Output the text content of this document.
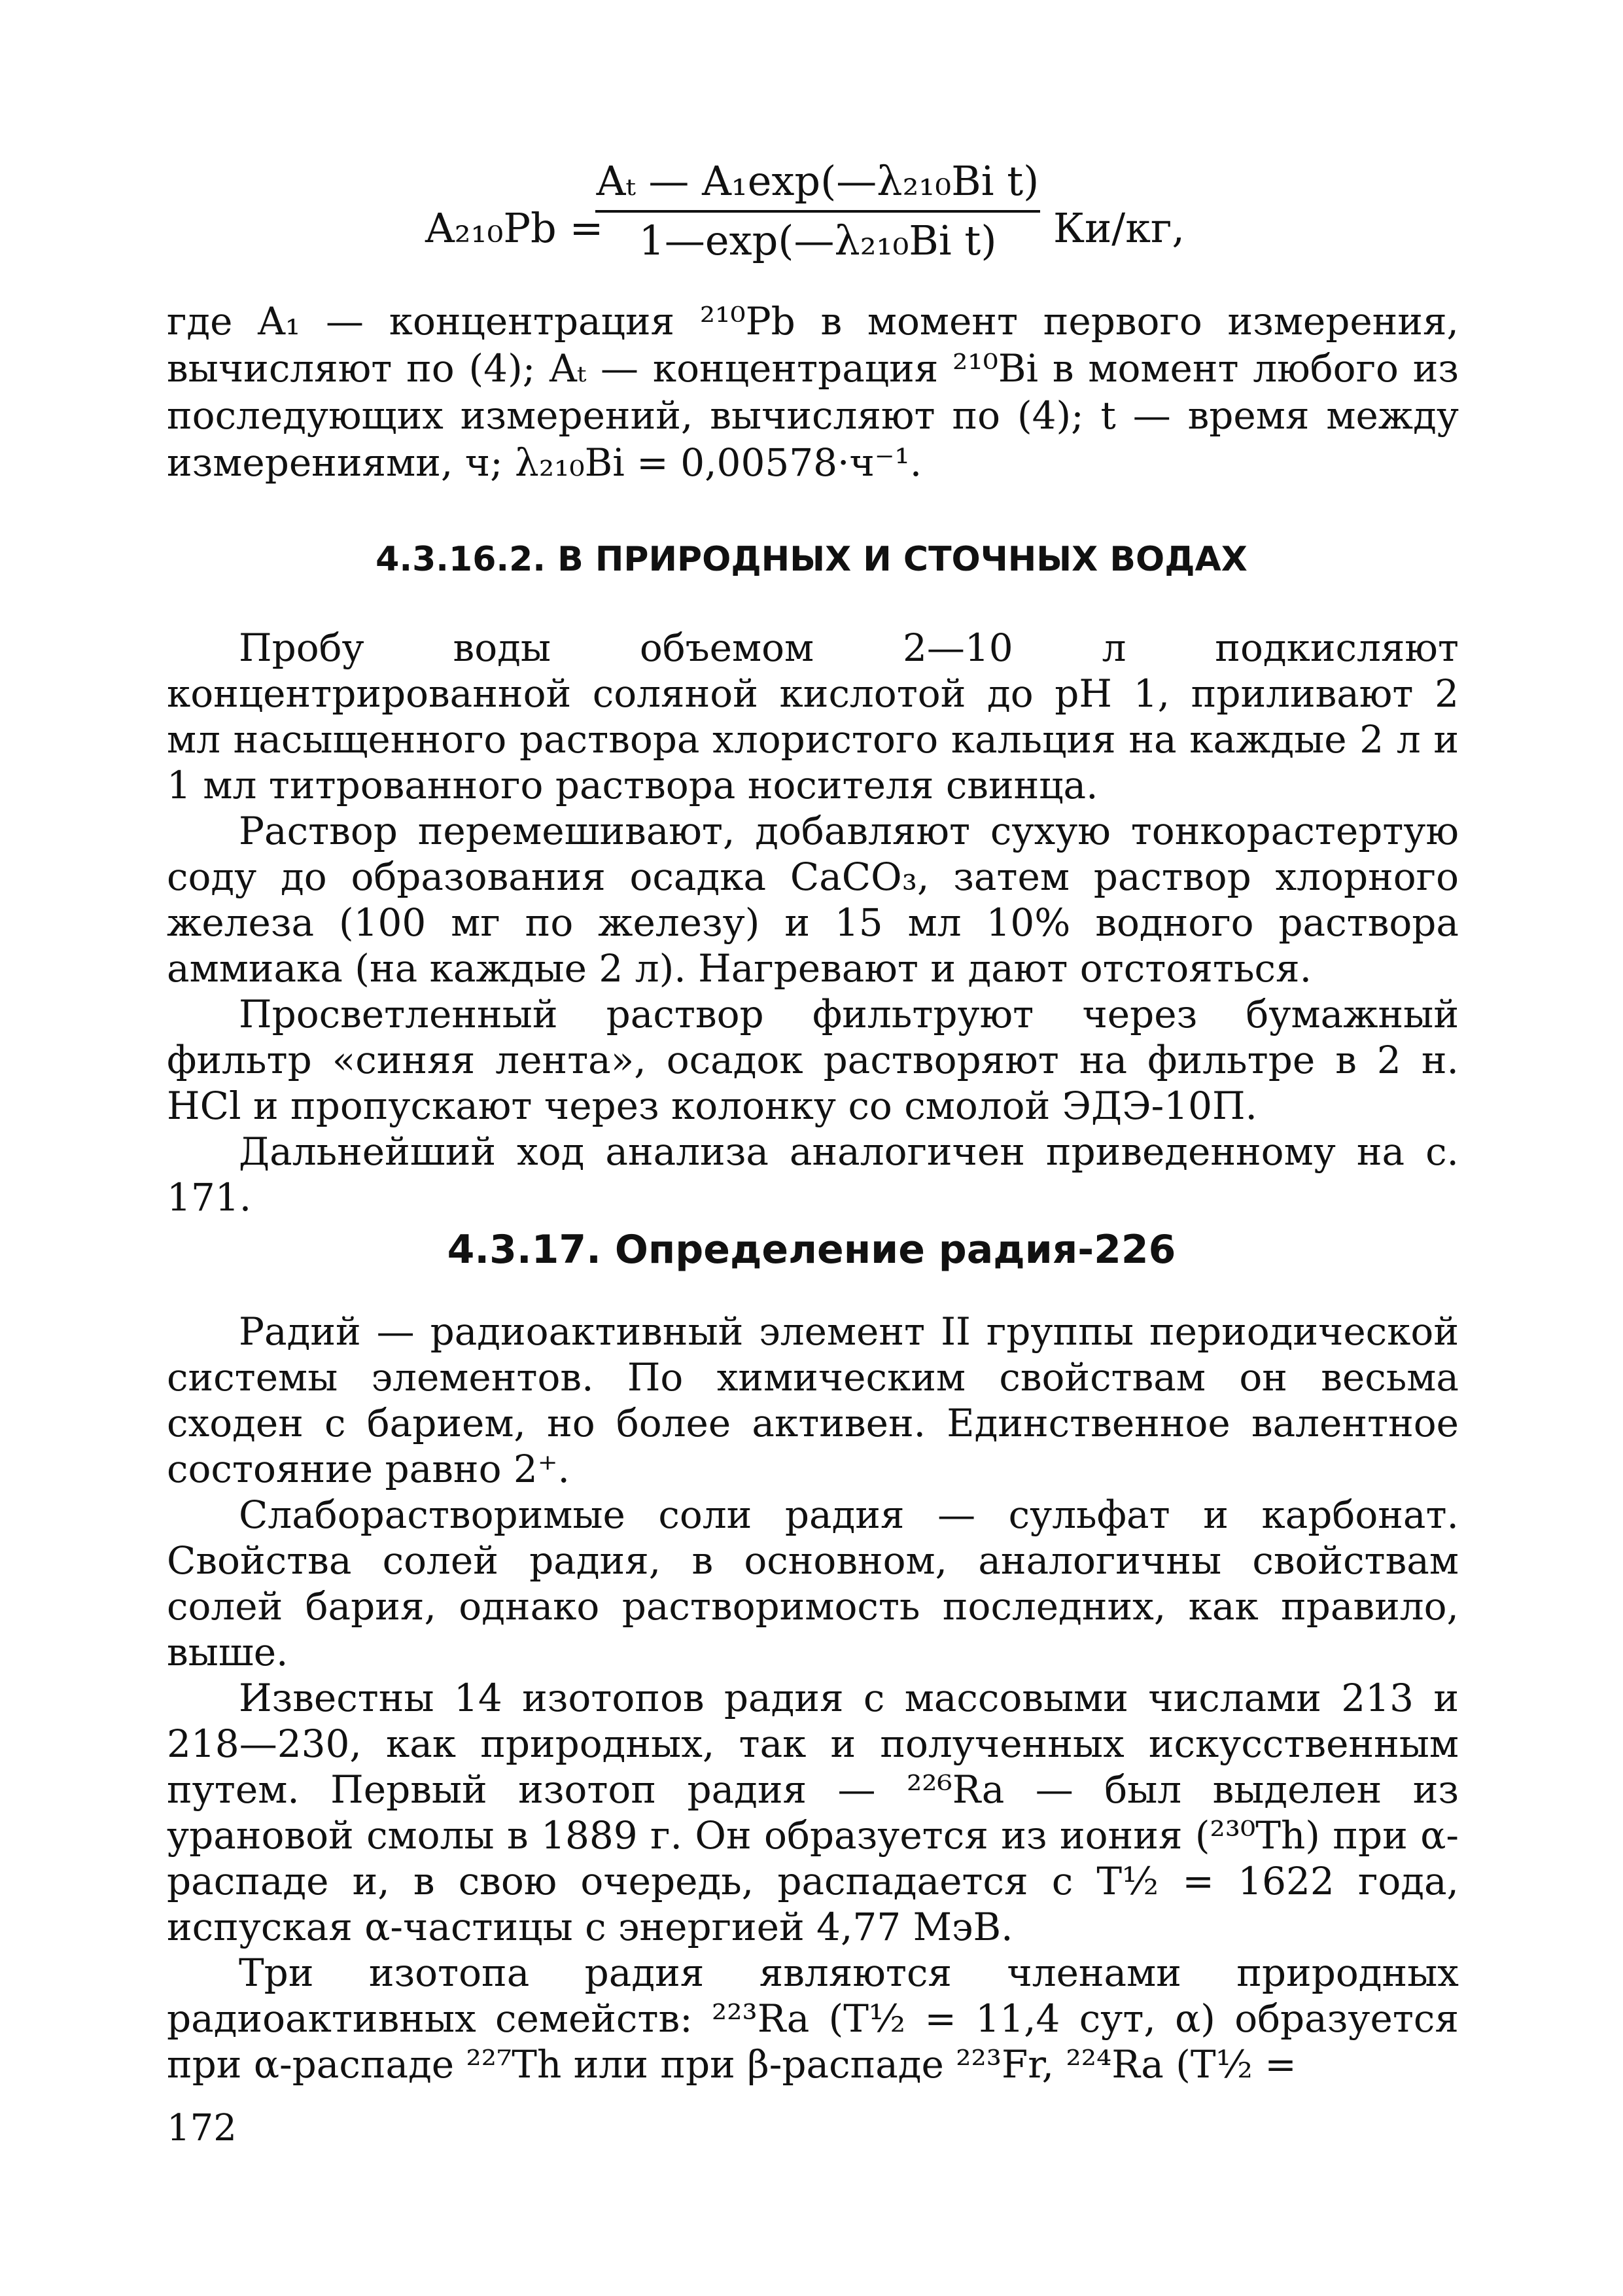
A₂₁₀Pb =
Aₜ — A₁exp(—λ₂₁₀Bi t)
1—exp(—λ₂₁₀Bi t)	Ки/кг,
где A₁ — концентрация ²¹⁰Pb в момент первого измерения, вычисляют по (4); Aₜ — концентрация ²¹⁰Bi в момент любого из последующих измерений, вычисляют по (4); t — время между измерениями, ч; λ₂₁₀Bi = 0,00578·ч⁻¹.
4.3.16.2. В ПРИРОДНЫХ И СТОЧНЫХ ВОДАХ

Пробу воды объемом 2—10 л подкисляют концентрированной соляной кислотой до pH 1, приливают 2 мл насыщенного раствора хлористого кальция на каждые 2 л и 1 мл титрованного раствора носителя свинца.

Раствор перемешивают, добавляют сухую тонкорастертую соду до образования осадка CaCO₃, затем раствор хлорного железа (100 мг по железу) и 15 мл 10% водного раствора аммиака (на каждые 2 л). Нагревают и дают отстояться.

Просветленный раствор фильтруют через бумажный фильтр «синяя лента», осадок растворяют на фильтре в 2 н. HCl и пропускают через колонку со смолой ЭДЭ-10П.

Дальнейший ход анализа аналогичен приведенному на с. 171.

4.3.17. Определение радия-226

Радий — радиоактивный элемент II группы периодической системы элементов. По химическим свойствам он весьма сходен с барием, но более активен. Единственное валентное состояние равно 2⁺.

Слаборастворимые соли радия — сульфат и карбонат. Свойства солей радия, в основном, аналогичны свойствам солей бария, однако растворимость последних, как правило, выше.

Известны 14 изотопов радия с массовыми числами 213 и 218—230, как природных, так и полученных искусственным путем. Первый изотоп радия — ²²⁶Ra — был выделен из урановой смолы в 1889 г. Он образуется из иония (²³⁰Th) при α-распаде и, в свою очередь, распадается с T½ = 1622 года, испуская α-частицы с энергией 4,77 МэВ.

Три изотопа радия являются членами природных радиоактивных семейств: ²²³Ra (T½ = 11,4 сут, α) образуется при α-распаде ²²⁷Th или при β-распаде ²²³Fr, ²²⁴Ra (T½ =

172
